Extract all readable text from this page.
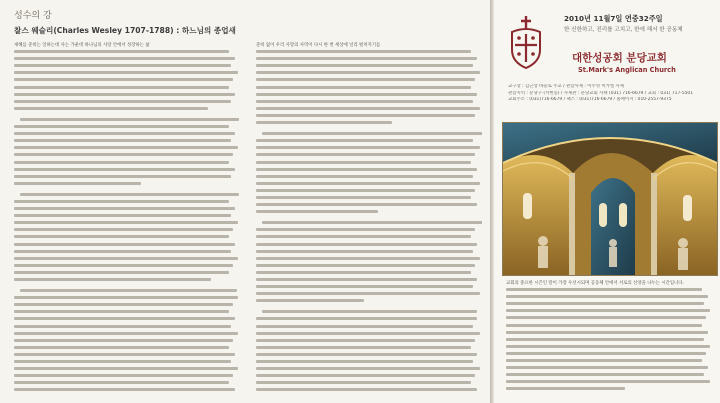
성수의 강
찰스 웨슬리(Charles Wesley 1707-1788) : 하느님의 종업새
새해를 준비는 일하는데 사는 가운데 하나님의 사랑 안에서 성장하는 삶	준비 없이 우리 사랑의 사역이 다시 한 번 세상에 널리 펼쳐지기를
2010년 11월7일 연중32주일
한 신한하고, 진리를 고치고, 한에 해서 한 공동체
대한성공회 분당교회
St.Mark's Anglican Church
교구장 : 김근상 바울로 주교 / 관할사제 : 이주영 미카엘 사제
관할지역 : 분당구 (서현동) / 사제관 : 분당교회 사택 (031) 716-6679 / 교회 : 031) 717-5501
교회주소 : (031)716-6679 / 팩스 : (031)716-6679 / 홈페이지 : 010-2557-9375
교회의 중요한 시즌인 말이 가장 우선시되며 공동체 안에서 서로의 신앙을 나누는 시간입니다.
